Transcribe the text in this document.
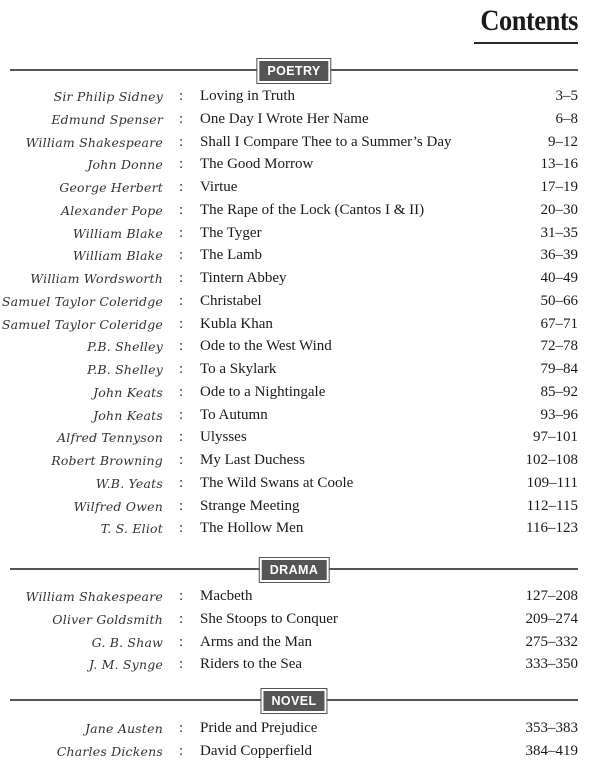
Contents
POETRY
Sir Philip Sidney : Loving in Truth	3–5
Edmund Spenser : One Day I Wrote Her Name	6–8
William Shakespeare : Shall I Compare Thee to a Summer’s Day	9–12
John Donne : The Good Morrow	13–16
George Herbert : Virtue	17–19
Alexander Pope : The Rape of the Lock (Cantos I & II)	20–30
William Blake : The Tyger	31–35
William Blake : The Lamb	36–39
William Wordsworth : Tintern Abbey	40–49
Samuel Taylor Coleridge : Christabel	50–66
Samuel Taylor Coleridge : Kubla Khan	67–71
P.B. Shelley : Ode to the West Wind	72–78
P.B. Shelley : To a Skylark	79–84
John Keats : Ode to a Nightingale	85–92
John Keats : To Autumn	93–96
Alfred Tennyson : Ulysses	97–101
Robert Browning : My Last Duchess	102–108
W.B. Yeats : The Wild Swans at Coole	109–111
Wilfred Owen : Strange Meeting	112–115
T. S. Eliot : The Hollow Men	116–123
DRAMA
William Shakespeare : Macbeth	127–208
Oliver Goldsmith : She Stoops to Conquer	209–274
G. B. Shaw : Arms and the Man	275–332
J. M. Synge : Riders to the Sea	333–350
NOVEL
Jane Austen : Pride and Prejudice	353–383
Charles Dickens : David Copperfield	384–419
